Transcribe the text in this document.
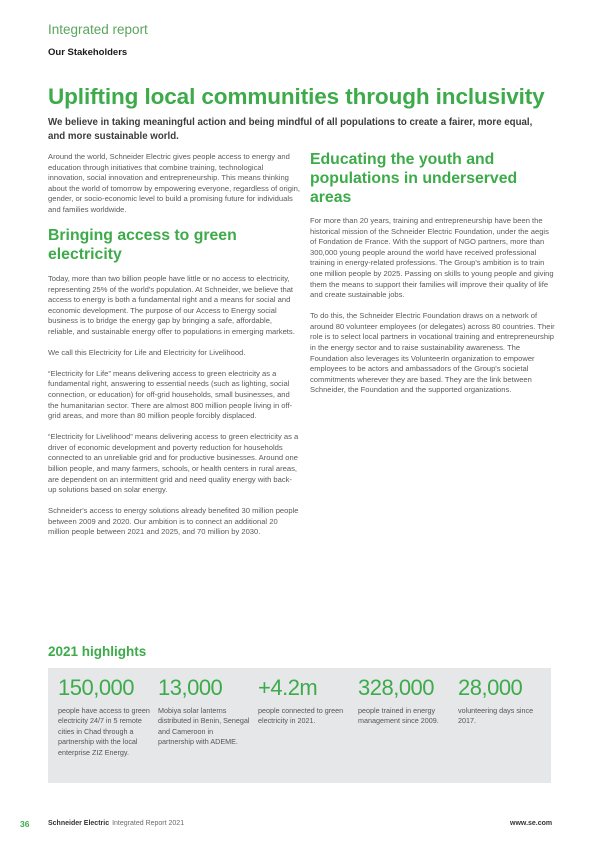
Integrated report
Our Stakeholders
Uplifting local communities through inclusivity

We believe in taking meaningful action and being mindful of all populations to create a fairer, more equal, and more sustainable world.

Around the world, Schneider Electric gives people access to energy and education through initiatives that combine training, technological innovation, social innovation and entrepreneurship. This means thinking about the world of tomorrow by empowering everyone, regardless of origin, gender, or socio-economic level to build a promising future for individuals and families worldwide.

Bringing access to green electricity

Today, more than two billion people have little or no access to electricity, representing 25% of the world's population. At Schneider, we believe that access to energy is both a fundamental right and a means for social and economic development. The purpose of our Access to Energy social business is to bridge the energy gap by bringing a safe, affordable, reliable, and sustainable energy offer to populations in emerging markets.

We call this Electricity for Life and Electricity for Livelihood.

“Electricity for Life” means delivering access to green electricity as a fundamental right, answering to essential needs (such as lighting, social connection, or education) for off-grid households, small businesses, and the humanitarian sector. There are almost 800 million people living in off-grid areas, and more than 80 million people forcibly displaced.

“Electricity for Livelihood” means delivering access to green electricity as a driver of economic development and poverty reduction for households connected to an unreliable grid and for productive businesses. Around one billion people, and many farmers, schools, or health centers in rural areas, are dependent on an intermittent grid and need quality energy with back-up solutions based on solar energy.

Schneider's access to energy solutions already benefited 30 million people between 2009 and 2020. Our ambition is to connect an additional 20 million people between 2021 and 2025, and 70 million by 2030.

Educating the youth and populations in underserved areas

For more than 20 years, training and entrepreneurship have been the historical mission of the Schneider Electric Foundation, under the aegis of Fondation de France. With the support of NGO partners, more than 300,000 young people around the world have received professional training in energy-related professions. The Group's ambition is to train one million people by 2025. Passing on skills to young people and giving them the means to support their families will improve their quality of life and create sustainable jobs.

To do this, the Schneider Electric Foundation draws on a network of around 80 volunteer employees (or delegates) across 80 countries. Their role is to select local partners in vocational training and entrepreneurship in the energy sector and to raise sustainability awareness. The Foundation also leverages its VolunteerIn organization to empower employees to be actors and ambassadors of the Group's societal commitments wherever they are based. They are the link between Schneider, the Foundation and the supported organizations.

2021 highlights
150,000
people have access to green electricity 24/7 in 5 remote cities in Chad through a partnership with the local enterprise ZIZ Energy.
13,000
Mobiya solar lanterns distributed in Benin, Senegal and Cameroon in partnership with ADEME.
+4.2m
people connected to green electricity in 2021.
328,000
people trained in energy management since 2009.
28,000
volunteering days since 2017.
36	Schneider Electric Integrated Report 2021	www.se.com
